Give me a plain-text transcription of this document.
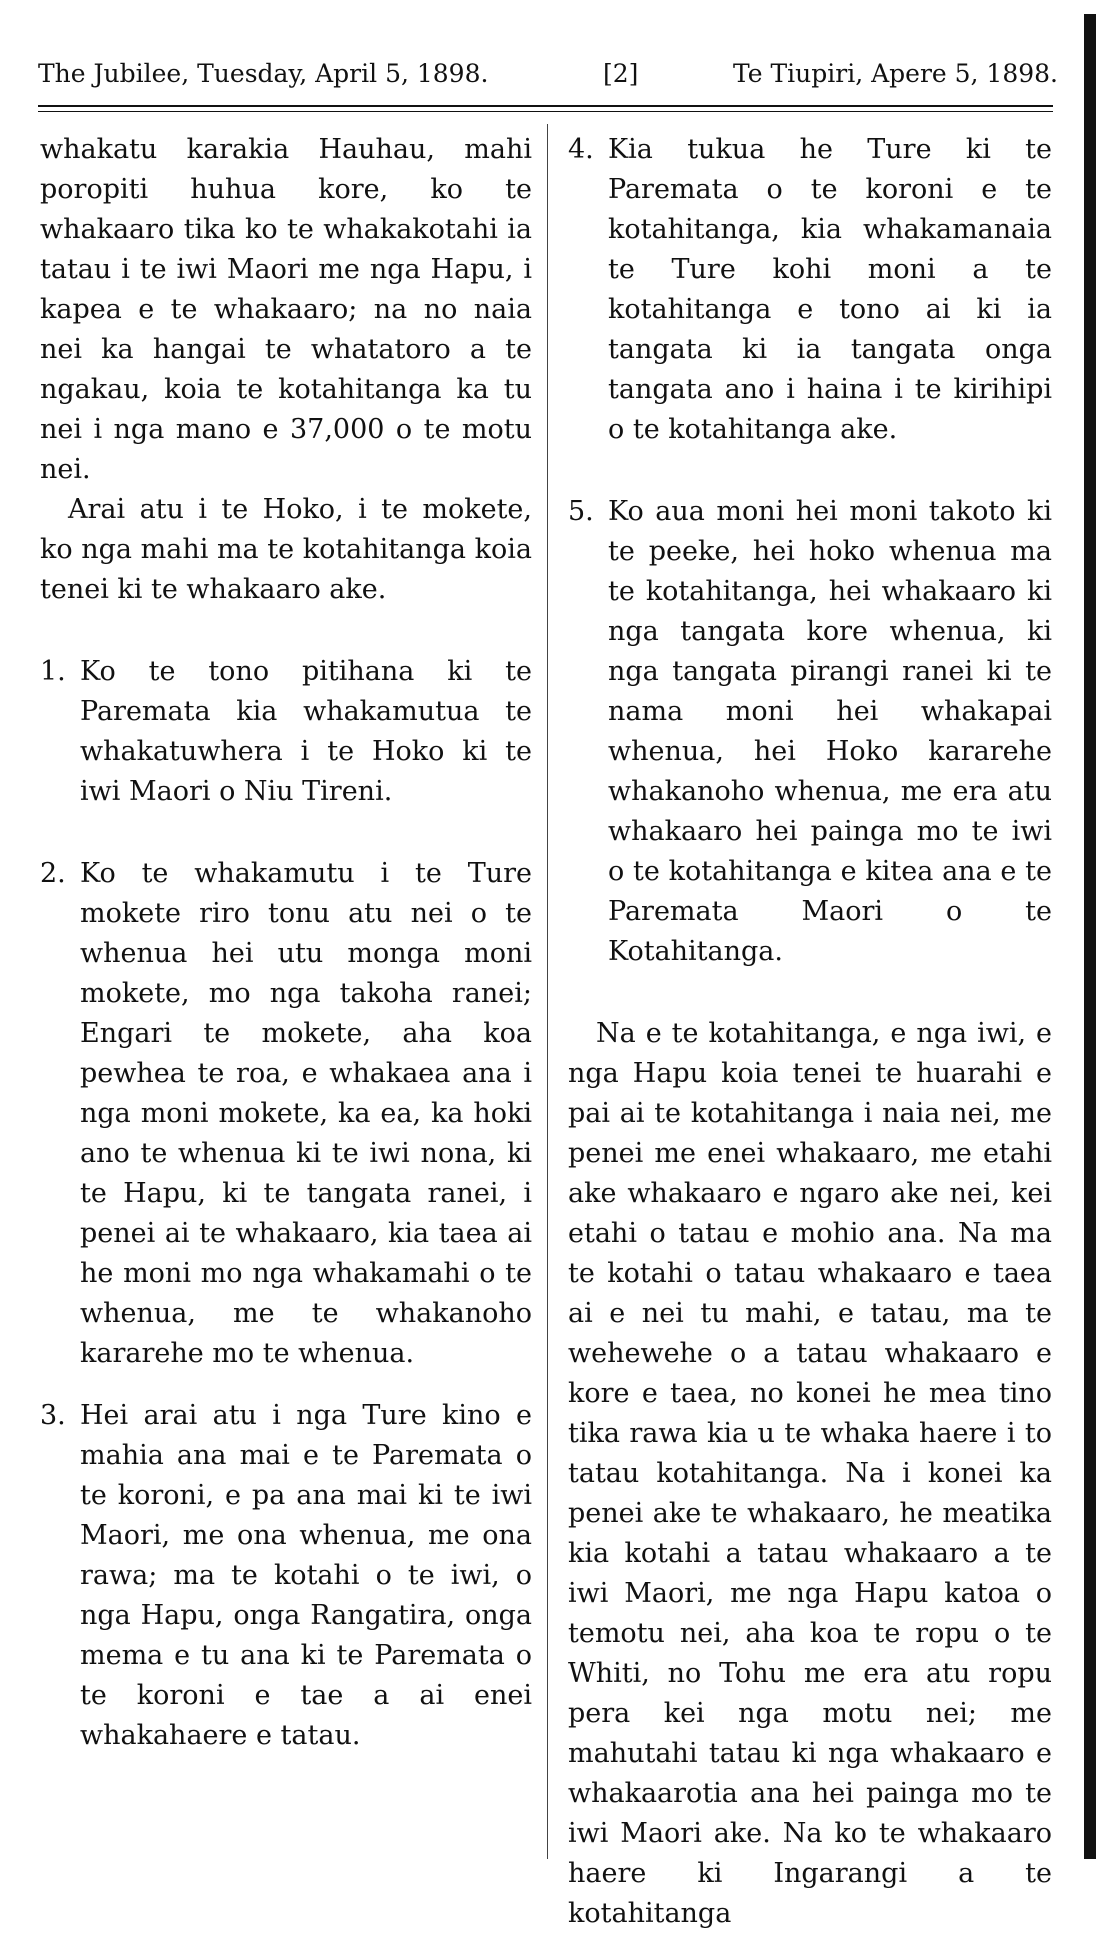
The Jubilee, Tuesday, April 5, 1898.	[2]	Te Tiupiri, Apere 5, 1898.

whakatu karakia Hauhau, mahi poropiti huhua kore, ko te whakaaro tika ko te whakakotahi ia tatau i te iwi Maori me nga Hapu, i kapea e te whakaaro; na no naia nei ka hangai te whatatoro a te ngakau, koia te kotahitanga ka tu nei i nga mano e 37,000 o te motu nei.

Arai atu i te Hoko, i te mokete, ko nga mahi ma te kotahitanga koia tenei ki te whakaaro ake.

1. Ko te tono pitihana ki te Paremata kia whakamutua te whakatuwhera i te Hoko ki te iwi Maori o Niu Tireni.

2. Ko te whakamutu i te Ture mokete riro tonu atu nei o te whenua hei utu monga moni mokete, mo nga takoha ranei; Engari te mokete, aha koa pewhea te roa, e whakaea ana i nga moni mokete, ka ea, ka hoki ano te whenua ki te iwi nona, ki te Hapu, ki te tangata ranei, i penei ai te whakaaro, kia taea ai he moni mo nga whakamahi o te whenua, me te whakanoho kararehe mo te whenua.

3. Hei arai atu i nga Ture kino e mahia ana mai e te Paremata o te koroni, e pa ana mai ki te iwi Maori, me ona whenua, me ona rawa; ma te kotahi o te iwi, o nga Hapu, onga Rangatira, onga mema e tu ana ki te Paremata o te koroni e tae a ai enei whakahaere e tatau.

4. Kia tukua he Ture ki te Paremata o te koroni e te kotahitanga, kia whakamanaia te Ture kohi moni a te kotahitanga e tono ai ki ia tangata ki ia tangata onga tangata ano i haina i te kirihipi o te kotahitanga ake.

5. Ko aua moni hei moni takoto ki te peeke, hei hoko whenua ma te kotahitanga, hei whakaaro ki nga tangata kore whenua, ki nga tangata pirangi ranei ki te nama moni hei whakapai whenua, hei Hoko kararehe whakanoho whenua, me era atu whakaaro hei painga mo te iwi o te kotahitanga e kitea ana e te Paremata Maori o te Kotahitanga.

Na e te kotahitanga, e nga iwi, e nga Hapu koia tenei te huarahi e pai ai te kotahitanga i naia nei, me penei me enei whakaaro, me etahi ake whakaaro e ngaro ake nei, kei etahi o tatau e mohio ana. Na ma te kotahi o tatau whakaaro e taea ai e nei tu mahi, e tatau, ma te wehewehe o a tatau whakaaro e kore e taea, no konei he mea tino tika rawa kia u te whaka haere i to tatau kotahitanga. Na i konei ka penei ake te whakaaro, he meatika kia kotahi a tatau whakaaro a te iwi Maori, me nga Hapu katoa o temotu nei, aha koa te ropu o te Whiti, no Tohu me era atu ropu pera kei nga motu nei; me mahutahi tatau ki nga whakaaro e whakaarotia ana hei painga mo te iwi Maori ake. Na ko te whakaaro haere ki Ingarangi a te kotahitanga
